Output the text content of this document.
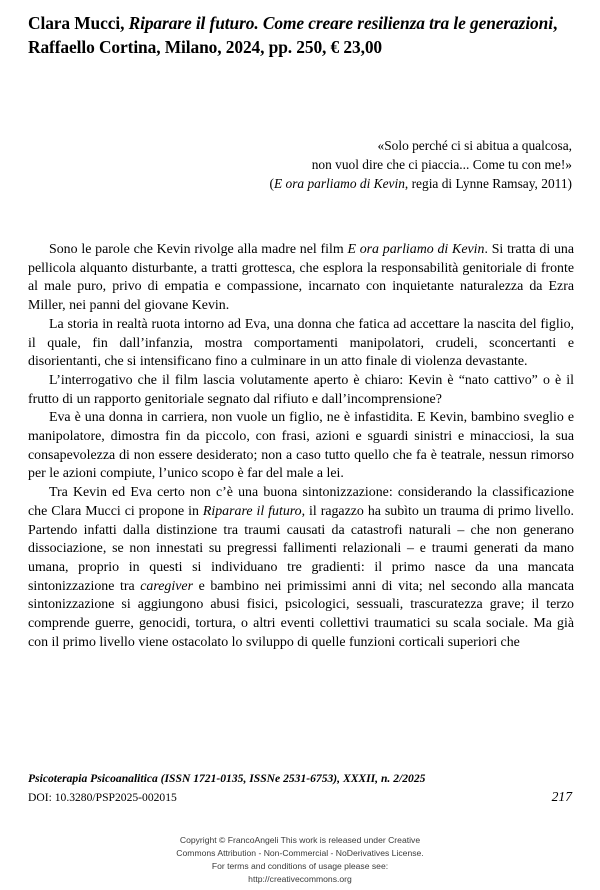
Clara Mucci, Riparare il futuro. Come creare resilienza tra le generazioni, Raffaello Cortina, Milano, 2024, pp. 250, € 23,00
«Solo perché ci si abitua a qualcosa,
non vuol dire che ci piaccia... Come tu con me!»
(E ora parliamo di Kevin, regia di Lynne Ramsay, 2011)

Sono le parole che Kevin rivolge alla madre nel film E ora parliamo di Kevin. Si tratta di una pellicola alquanto disturbante, a tratti grottesca, che esplora la responsabilità genitoriale di fronte al male puro, privo di empatia e compassione, incarnato con inquietante naturalezza da Ezra Miller, nei panni del giovane Kevin.

La storia in realtà ruota intorno ad Eva, una donna che fatica ad accettare la nascita del figlio, il quale, fin dall’infanzia, mostra comportamenti manipolatori, crudeli, sconcertanti e disorientanti, che si intensificano fino a culminare in un atto finale di violenza devastante.

L’interrogativo che il film lascia volutamente aperto è chiaro: Kevin è “nato cattivo” o è il frutto di un rapporto genitoriale segnato dal rifiuto e dall’incomprensione?

Eva è una donna in carriera, non vuole un figlio, ne è infastidita. E Kevin, bambino sveglio e manipolatore, dimostra fin da piccolo, con frasi, azioni e sguardi sinistri e minacciosi, la sua consapevolezza di non essere desiderato; non a caso tutto quello che fa è teatrale, nessun rimorso per le azioni compiute, l’unico scopo è far del male a lei.

Tra Kevin ed Eva certo non c’è una buona sintonizzazione: considerando la classificazione che Clara Mucci ci propone in Riparare il futuro, il ragazzo ha subìto un trauma di primo livello. Partendo infatti dalla distinzione tra traumi causati da catastrofi naturali – che non generano dissociazione, se non innestati su pregressi fallimenti relazionali – e traumi generati da mano umana, proprio in questi si individuano tre gradienti: il primo nasce da una mancata sintonizzazione tra caregiver e bambino nei primissimi anni di vita; nel secondo alla mancata sintonizzazione si aggiungono abusi fisici, psicologici, sessuali, trascuratezza grave; il terzo comprende guerre, genocidi, tortura, o altri eventi collettivi traumatici su scala sociale. Ma già con il primo livello viene ostacolato lo sviluppo di quelle funzioni corticali superiori che

Psicoterapia Psicoanalitica (ISSN 1721-0135, ISSNe 2531-6753), XXXII, n. 2/2025
DOI: 10.3280/PSP2025-002015	217
Copyright © FrancoAngeli This work is released under Creative
Commons Attribution - Non-Commercial - NoDerivatives License.
For terms and conditions of usage please see:
http://creativecommons.org
